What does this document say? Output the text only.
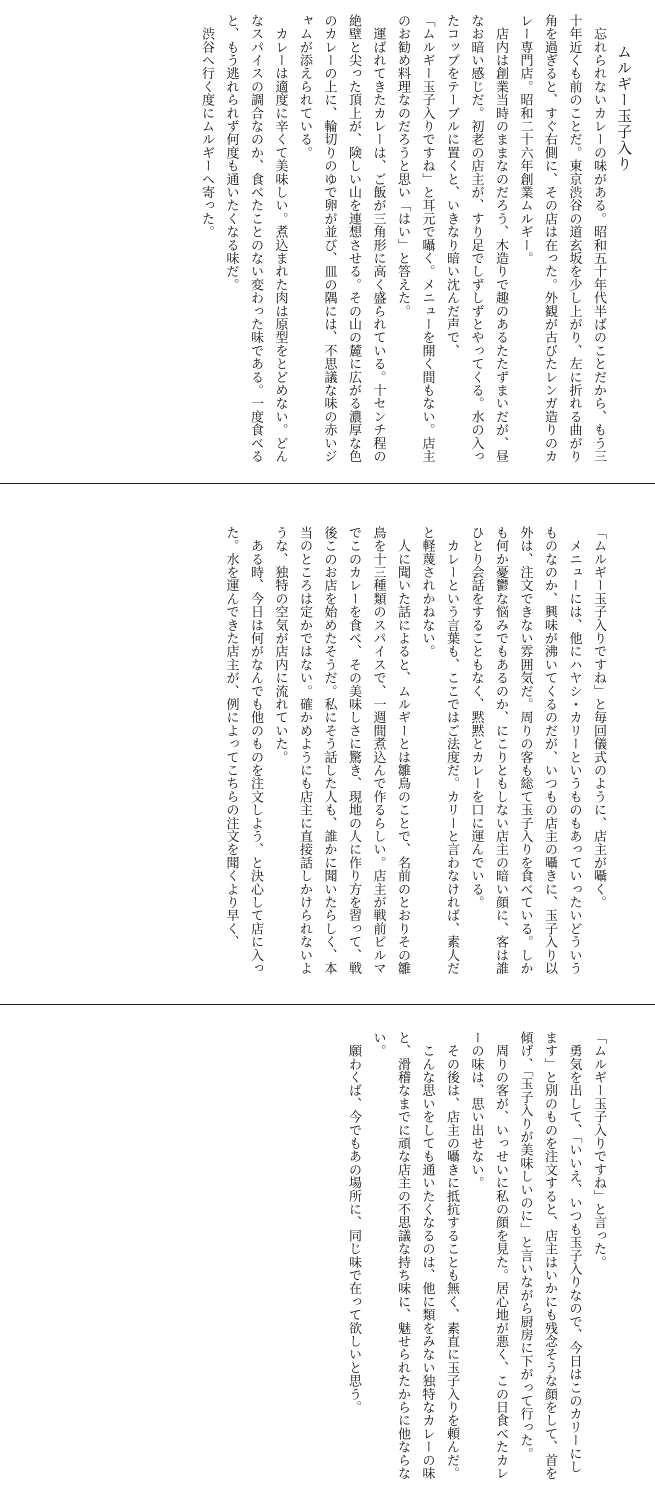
ムルギー玉子入り

　忘れられないカレーの味がある。昭和五十年代半ばのことだから、もう三十年近くも前のことだ。東京渋谷の道玄坂を少し上がり、左に折れる曲がり角を過ぎると、すぐ右側に、その店は在った。外観が古びたレンガ造りのカレー専門店。昭和二十六年創業ムルギー。

　店内は創業当時のままなのだろう、木造りで趣のあるたたずまいだが、昼なお暗い感じだ。初老の店主が、すり足でしずしずとやってくる。水の入ったコップをテーブルに置くと、いきなり暗い沈んだ声で、

「ムルギー玉子入りですね」と耳元で囁く。メニューを開く間もない。店主のお勧め料理なのだろうと思い「はい」と答えた。

　運ばれてきたカレーは、ご飯が三角形に高く盛られている。十センチ程の絶壁と尖った頂上が、険しい山を連想させる。その山の麓に広がる濃厚な色のカレーの上に、輪切りのゆで卵が並び、皿の隅には、不思議な味の赤いジャムが添えられている。

　カレーは適度に辛くて美味しい。煮込まれた肉は原型をとどめない。どんなスパイスの調合なのか、食べたことのない変わった味である。一度食べると、もう逃れられず何度も通いたくなる味だ。

　渋谷へ行く度にムルギーへ寄った。

「ムルギー玉子入りですね」と毎回儀式のように、店主が囁く。

　メニューには、他にハヤシ・カリーというものもあっていったいどういうものなのか、興味が沸いてくるのだが、いつもの店主の囁きに、玉子入り以外は、注文できない雰囲気だ。周りの客も総て玉子入りを食べている。しかも何か憂鬱な悩みでもあるのか、にこりともしない店主の暗い顔に、客は誰ひとり会話をすることもなく、黙黙とカレーを口に運んでいる。

　カレーという言葉も、ここではご法度だ。カリーと言わなければ、素人だと軽蔑されかねない。

　人に聞いた話によると、ムルギーとは雛鳥のことで、名前のとおりその雛鳥を十三種類のスパイスで、一週間煮込んで作るらしい。店主が戦前ビルマでこのカレーを食べ、その美味しさに驚き、現地の人に作り方を習って、戦後このお店を始めたそうだ。私にそう話した人も、誰かに聞いたらしく、本当のところは定かではない。確かめようにも店主に直接話しかけられないような、独特の空気が店内に流れていた。

　ある時、今日は何がなんでも他のものを注文しよう、と決心して店に入った。水を運んできた店主が、例によってこちらの注文を聞くより早く、

「ムルギー玉子入りですね」と言った。

　勇気を出して、「いいえ、いつも玉子入りなので、今日はこのカリーにします」と別のものを注文すると、店主はいかにも残念そうな顔をして、首を傾げ、「玉子入りが美味しいのに」と言いながら厨房に下がって行った。

　周りの客が、いっせいに私の顔を見た。居心地が悪く、この日食べたカレーの味は、思い出せない。

　その後は、店主の囁きに抵抗することも無く、素直に玉子入りを頼んだ。

　こんな思いをしても通いたくなるのは、他に類をみない独特なカレーの味と、滑稽なまでに頑な店主の不思議な持ち味に、魅せられたからに他ならない。

　願わくば、今でもあの場所に、同じ味で在って欲しいと思う。
